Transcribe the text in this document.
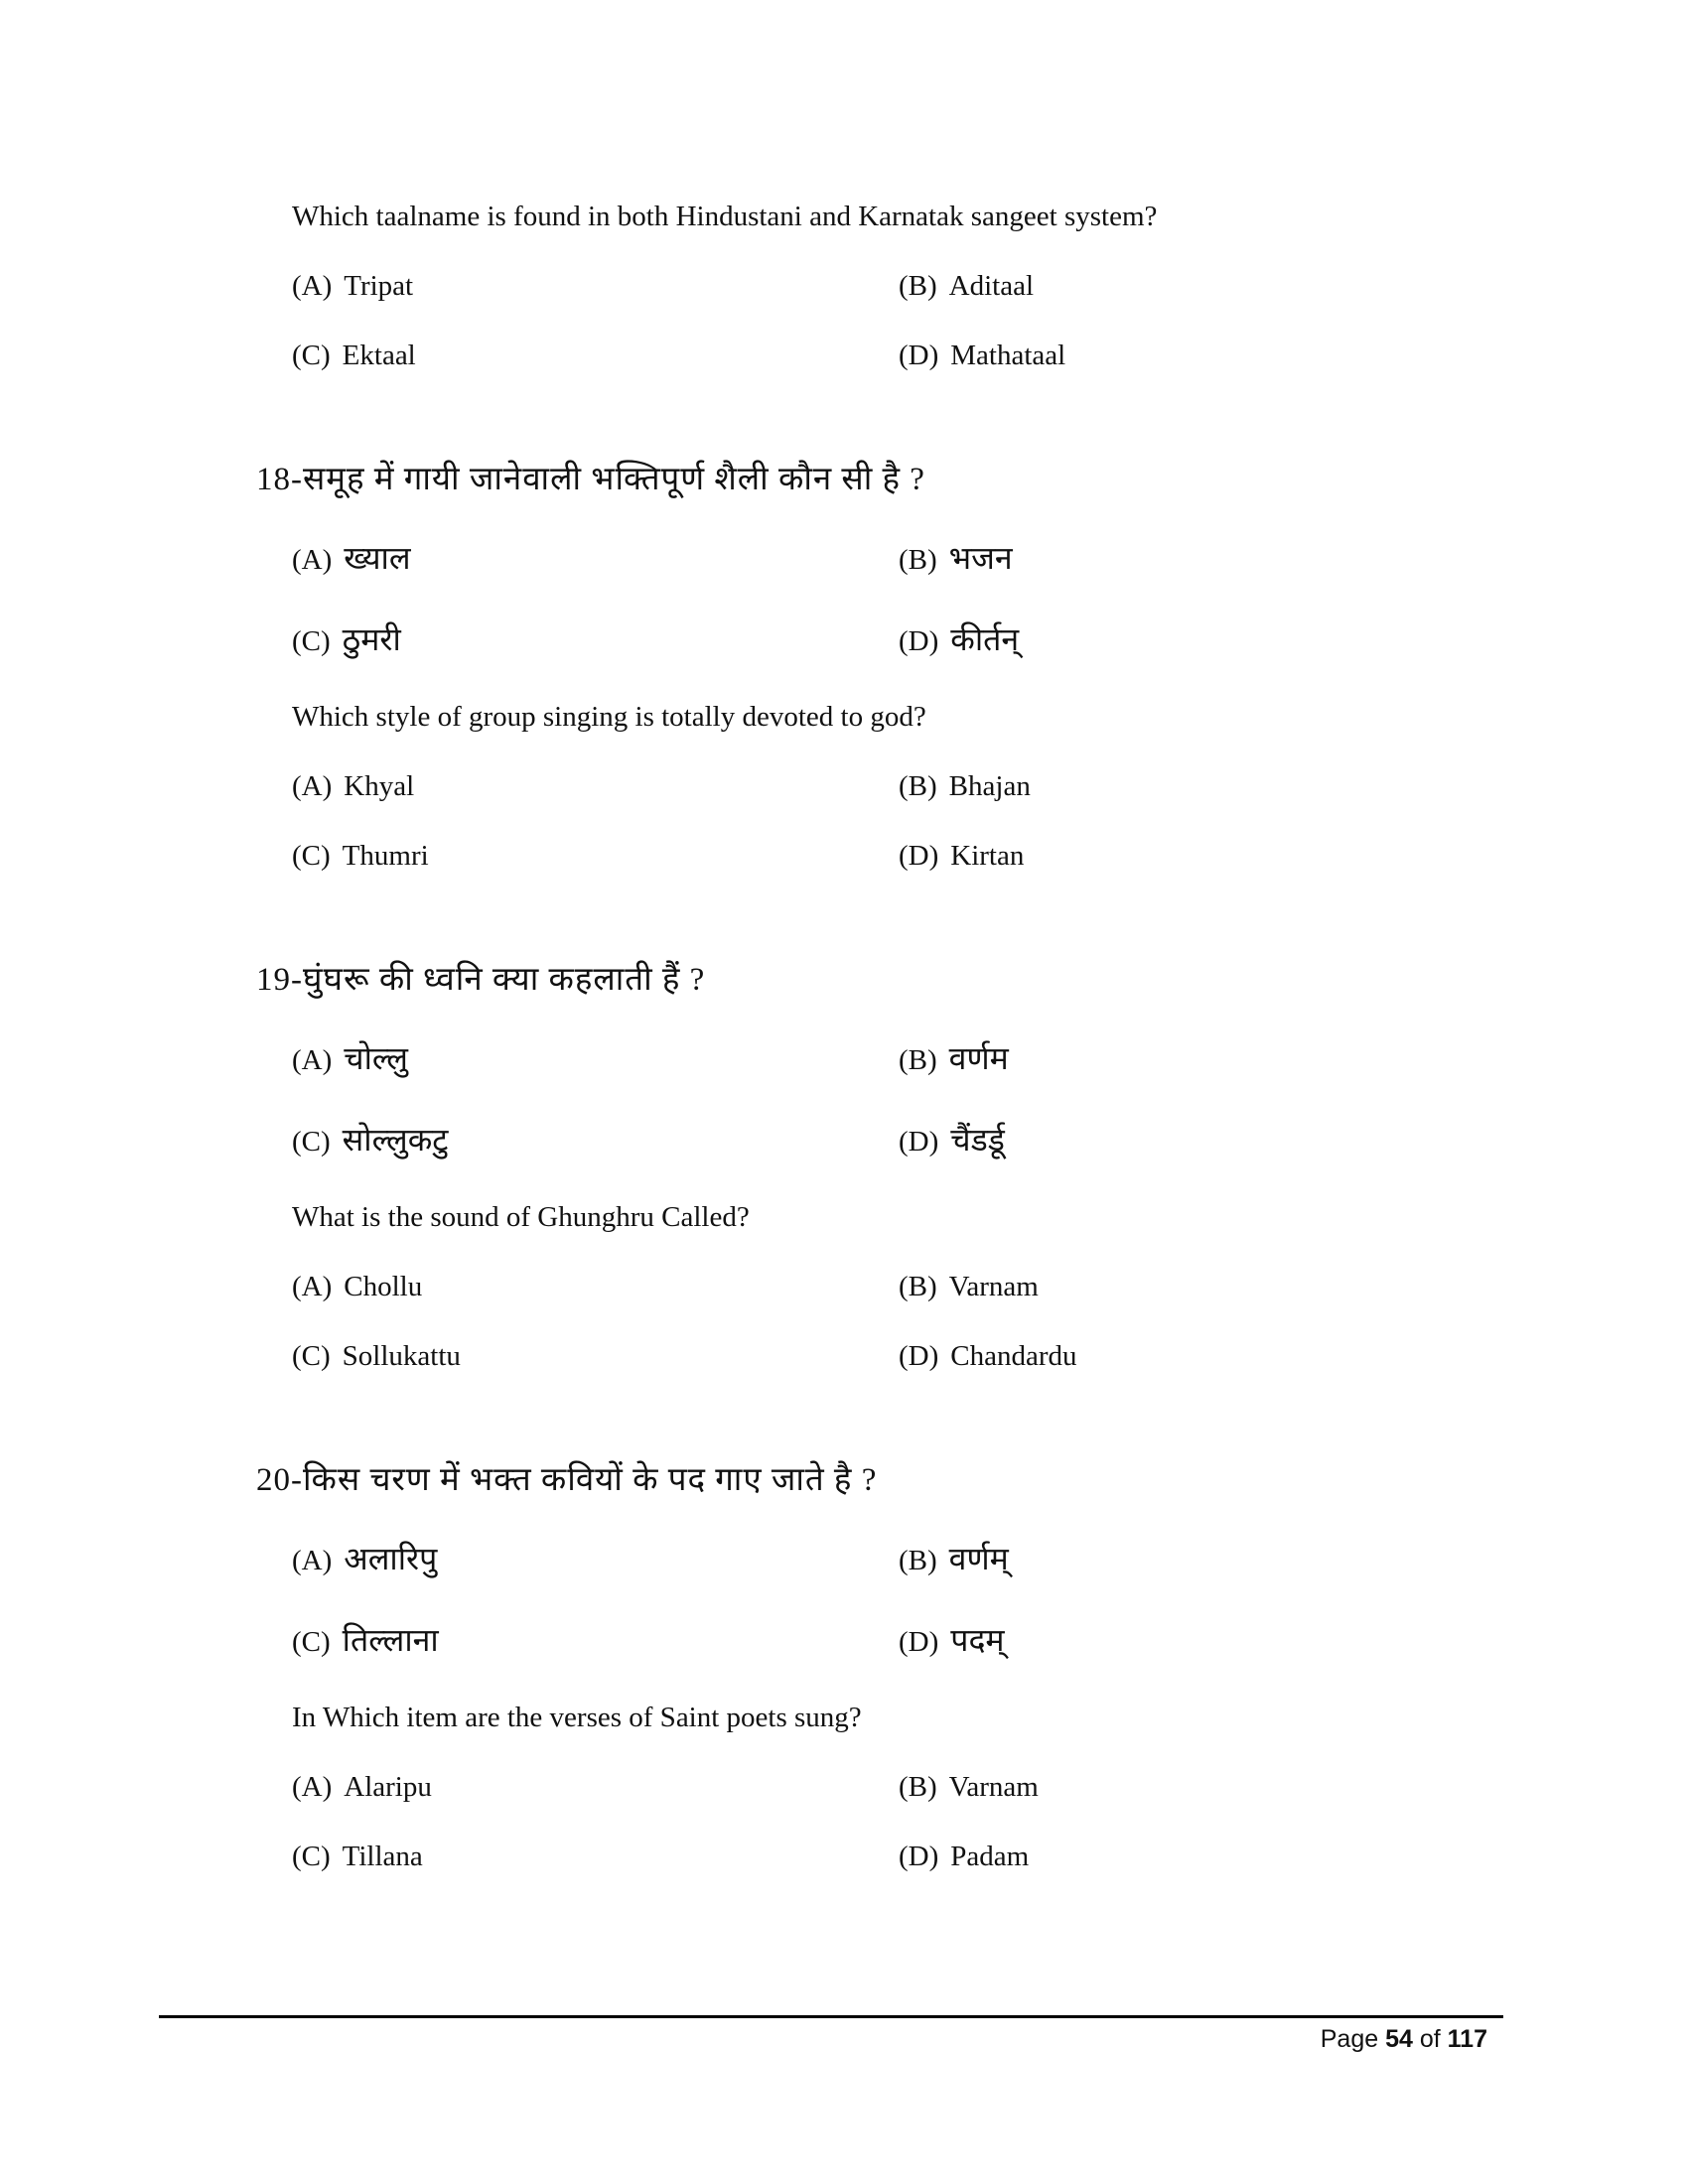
Which taalname is found in both Hindustani and Karnatak sangeet system?
(A) Tripat	(B) Aditaal
(C) Ektaal	(D) Mathataal
18-समूह में गायी जानेवाली भक्तिपूर्ण शैली कौन सी है ?
(A) ख्याल	(B) भजन
(C) ठुमरी	(D) कीर्तन्
Which style of group singing is totally devoted to god?
(A) Khyal	(B) Bhajan
(C) Thumri	(D) Kirtan
19-घुंघरू की ध्वनि क्या कहलाती हैं ?
(A) चोल्लु	(B) वर्णम
(C) सोल्लुकटु	(D) चैंडर्डू
What is the sound of Ghunghru Called?
(A) Chollu	(B) Varnam
(C) Sollukattu	(D) Chandardu
20-किस चरण में भक्त कवियों के पद गाए जाते है ?
(A) अलारिपु	(B) वर्णम्
(C) तिल्लाना	(D) पदम्
In Which item are the verses of Saint poets sung?
(A) Alaripu	(B) Varnam
(C) Tillana	(D) Padam
Page 54 of 117
